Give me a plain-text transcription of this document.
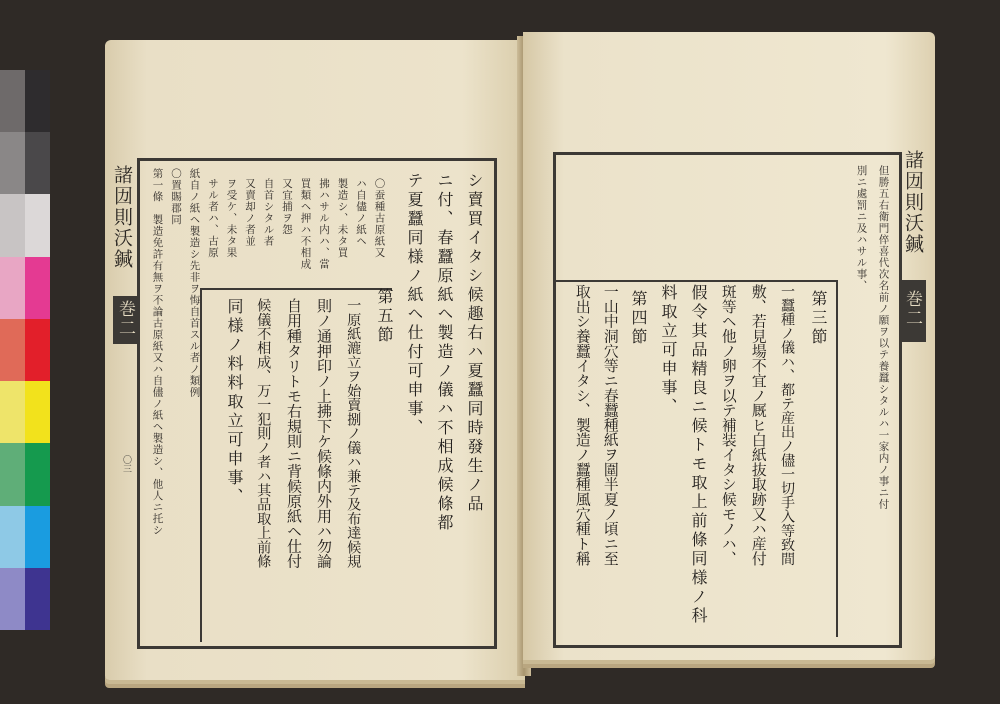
諸㘞則沃鍼
巻二
〇三
〇蚕種古原紙又
ハ自儘ノ紙ヘ
製造シ、未タ買
拂ハサル内ハ、當
買類ヘ押ハ不相成
又宜捕ヲ怨
自首シタル者
又賣却ノ者並
ヲ受ケ、未タ果
サル者ハ、古原
紙自ノ紙ヘ製造シ先非ヲ悔自首スル者ノ類例
〇置賜郡同
第一條　製造免許有無ヲ不論古原紙又ハ自儘ノ紙ヘ製造シ、他人ニ托シ	シ賣買イタシ候趣右ハ夏蠶同時發生ノ品
ニ付、春蠶原紙ヘ製造ノ儀ハ不相成候條都
テ夏蠶同様ノ紙ヘ仕付可申事、
第五節
一原紙漉立ヲ始賣捌ノ儀ハ兼テ及布達候規
則ノ通押印ノ上拂下ケ候條内外用ハ勿論
自用種タリトモ右規則ニ背候原紙ヘ仕付
候儀不相成、万一犯則ノ者ハ其品取上前條
同様ノ料料取立可申事、
諸㘞則沃鍼
巻二
但勝五右衛門倅喜代次名前ノ願ヲ以テ養蠶シタルハ一家内ノ事ニ付
別ニ處罰ニ及ハサル事、
第三節
一蠶種ノ儀ハ、都テ産出ノ儘一切手入等致間
敷、若見場不宜ノ厩ヒ白紙抜取跡又ハ産付
斑等ヘ他ノ卵ヲ以テ補装イタシ候モノハ、
假令其品精良ニ候トモ取上前條同様ノ科
料取立可申事、
第四節
一山中洞穴等ニ春蠶種紙ヲ圍半夏ノ頃ニ至
取出シ養蠶イタシ、製造ノ蠶種風穴種ト稱
